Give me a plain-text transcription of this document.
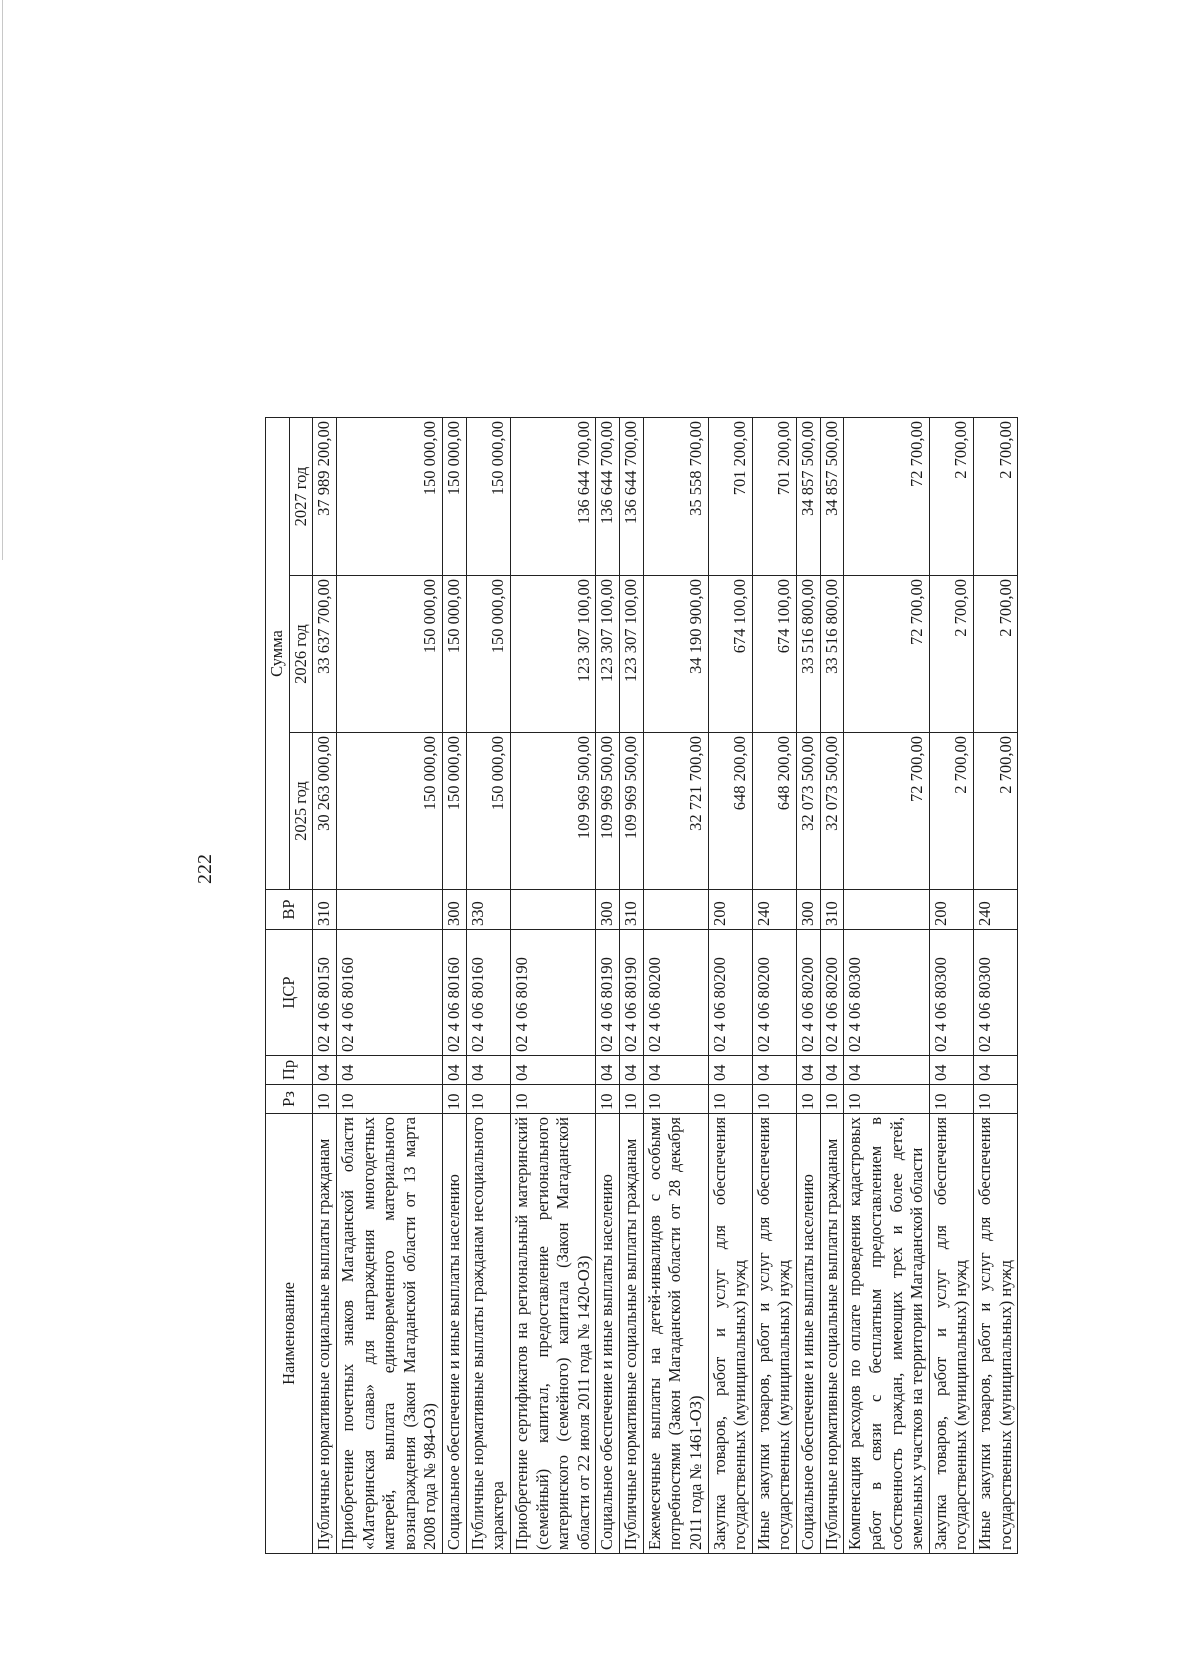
222
Наименование	Рз	Пр	ЦСР	ВР	Сумма		
					2025 год	2026 год	2027 год
Публичные нормативные социальные выплаты гражданам	10	04	02 4 06 80150	310	30 263 000,00	33 637 700,00	37 989 200,00
Приобретение почетных знаков Магаданской области «Материнская слава» для награждения многодетных матерей, выплата единовременного материального вознаграждения (Закон Магаданской области от 13 марта 2008 года № 984-ОЗ)	10	04	02 4 06 80160		150 000,00	150 000,00	150 000,00
Социальное обеспечение и иные выплаты населению	10	04	02 4 06 80160	300	150 000,00	150 000,00	150 000,00
Публичные нормативные выплаты гражданам несоциального характера	10	04	02 4 06 80160	330	150 000,00	150 000,00	150 000,00
Приобретение сертификатов на региональный материнский (семейный) капитал, предоставление регионального материнского (семейного) капитала (Закон Магаданской области от 22 июля 2011 года № 1420-ОЗ)	10	04	02 4 06 80190		109 969 500,00	123 307 100,00	136 644 700,00
Социальное обеспечение и иные выплаты населению	10	04	02 4 06 80190	300	109 969 500,00	123 307 100,00	136 644 700,00
Публичные нормативные социальные выплаты гражданам	10	04	02 4 06 80190	310	109 969 500,00	123 307 100,00	136 644 700,00
Ежемесячные выплаты на детей-инвалидов с особыми потребностями (Закон Магаданской области от 28 декабря 2011 года № 1461-ОЗ)	10	04	02 4 06 80200		32 721 700,00	34 190 900,00	35 558 700,00
Закупка товаров, работ и услуг для обеспечения государственных (муниципальных) нужд	10	04	02 4 06 80200	200	648 200,00	674 100,00	701 200,00
Иные закупки товаров, работ и услуг для обеспечения государственных (муниципальных) нужд	10	04	02 4 06 80200	240	648 200,00	674 100,00	701 200,00
Социальное обеспечение и иные выплаты населению	10	04	02 4 06 80200	300	32 073 500,00	33 516 800,00	34 857 500,00
Публичные нормативные социальные выплаты гражданам	10	04	02 4 06 80200	310	32 073 500,00	33 516 800,00	34 857 500,00
Компенсация расходов по оплате проведения кадастровых работ в связи с бесплатным предоставлением в собственность граждан, имеющих трех и более детей, земельных участков на территории Магаданской области	10	04	02 4 06 80300		72 700,00	72 700,00	72 700,00
Закупка товаров, работ и услуг для обеспечения государственных (муниципальных) нужд	10	04	02 4 06 80300	200	2 700,00	2 700,00	2 700,00
Иные закупки товаров, работ и услуг для обеспечения государственных (муниципальных) нужд	10	04	02 4 06 80300	240	2 700,00	2 700,00	2 700,00
